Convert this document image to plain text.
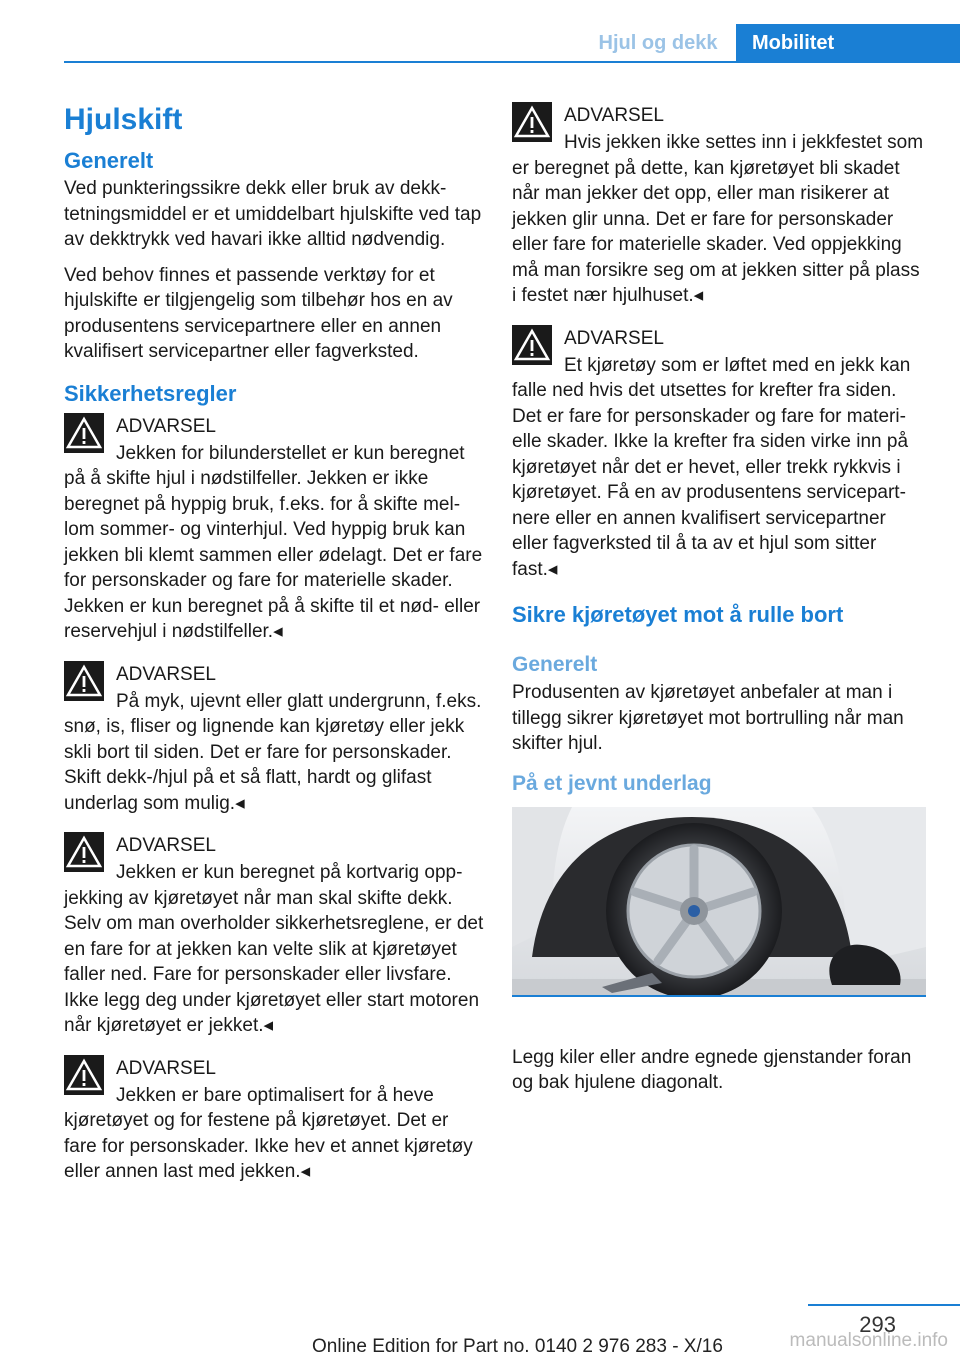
Hjul og dekk	Mobilitet
Hjulskift
Generelt

Ved punkteringssikre dekk eller bruk av dekktetningsmiddel er et umiddelbart hjulskifte ved tap av dekktrykk ved havari ikke alltid nødvendig.

Ved behov finnes et passende verktøy for et hjulskifte er tilgjengelig som tilbehør hos en av produsentens servicepartnere eller en annen kvalifisert servicepartner eller fagverksted.

Sikkerhetsregler
ADVARSEL

Jekken for bilunderstellet er kun beregnet på å skifte hjul i nødstilfeller. Jekken er ikke beregnet på hyppig bruk, f.eks. for å skifte mellom sommer- og vinterhjul. Ved hyppig bruk kan jekken bli klemt sammen eller ødelagt. Det er fare for personskader og fare for materielle skader. Jekken er kun beregnet på å skifte til et nød- eller reservehjul i nødstilfeller.◂

ADVARSEL

På myk, ujevnt eller glatt undergrunn, f.eks. snø, is, fliser og lignende kan kjøretøy eller jekk skli bort til siden. Det er fare for personskader. Skift dekk-/hjul på et så flatt, hardt og glifast underlag som mulig.◂

ADVARSEL

Jekken er kun beregnet på kortvarig oppjekking av kjøretøyet når man skal skifte dekk. Selv om man overholder sikkerhetsreglene, er det en fare for at jekken kan velte slik at kjøretøyet faller ned. Fare for personskader eller livsfare. Ikke legg deg under kjøretøyet eller start motoren når kjøretøyet er jekket.◂

ADVARSEL

Jekken er bare optimalisert for å heve kjøretøyet og for festene på kjøretøyet. Det er fare for personskader. Ikke hev et annet kjøretøy eller annen last med jekken.◂

ADVARSEL

Hvis jekken ikke settes inn i jekkfestet som er beregnet på dette, kan kjøretøyet bli skadet når man jekker det opp, eller man risikerer at jekken glir unna. Det er fare for personskader eller fare for materielle skader. Ved oppjekking må man forsikre seg om at jekken sitter på plass i festet nær hjulhuset.◂

ADVARSEL

Et kjøretøy som er løftet med en jekk kan falle ned hvis det utsettes for krefter fra siden. Det er fare for personskader og fare for materielle skader. Ikke la krefter fra siden virke inn på kjøretøyet når det er hevet, eller trekk rykkvis i kjøretøyet. Få en av produsentens servicepartnere eller en annen kvalifisert servicepartner eller fagverksted til å ta av et hjul som sitter fast.◂

Sikre kjøretøyet mot å rulle bort
Generelt

Produsenten av kjøretøyet anbefaler at man i tillegg sikrer kjøretøyet mot bortrulling når man skifter hjul.

På et jevnt underlag

Legg kiler eller andre egnede gjenstander foran og bak hjulene diagonalt.

293
Online Edition for Part no. 0140 2 976 283 - X/16	manualsonline.info
